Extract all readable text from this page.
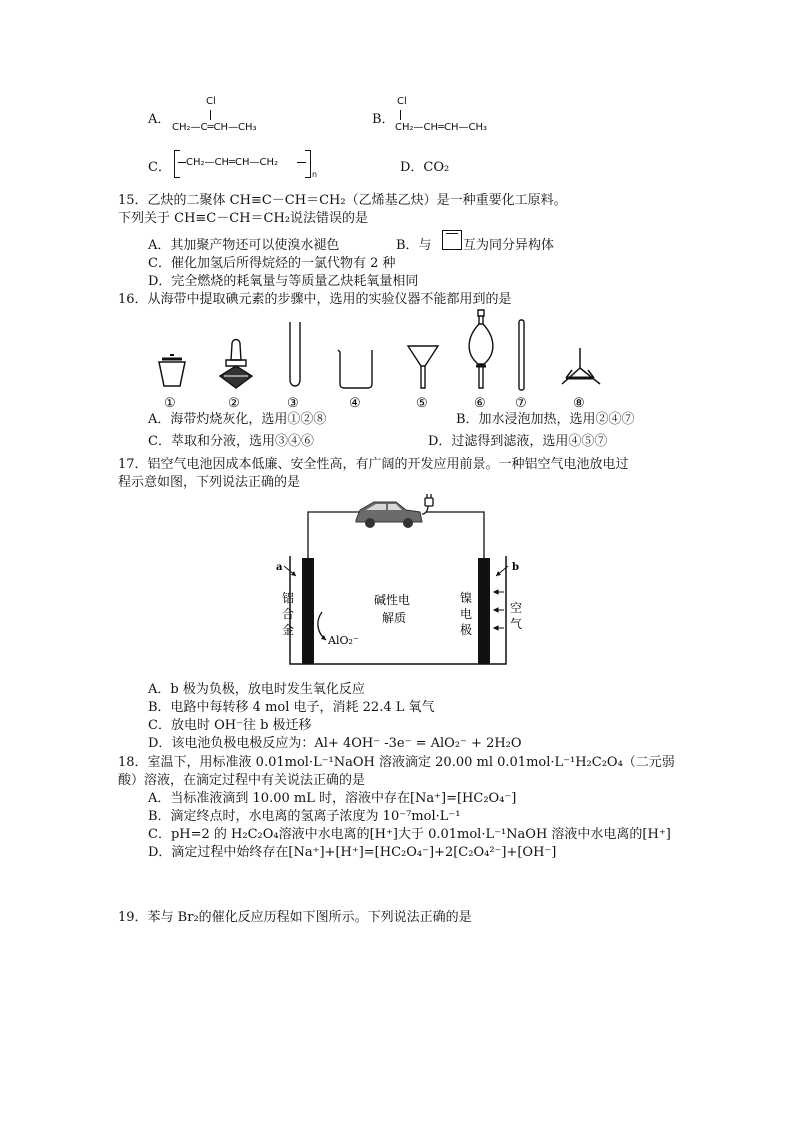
A．
Cl
CH₂—C═CH—CH₃
B．
Cl
CH₂—CH═CH—CH₃
C． CH₂—CH═CH—CH₂
n	D．CO₂
15．乙炔的二聚体 CH≡C－CH＝CH₂（乙烯基乙炔）是一种重要化工原料。
下列关于 CH≡C－CH＝CH₂说法错误的是
A．其加聚产物还可以使溴水褪色	B．与 互为同分异构体
C．催化加氢后所得烷烃的一氯代物有 2 种
D．完全燃烧的耗氧量与等质量乙炔耗氧量相同
16．从海带中提取碘元素的步骤中，选用的实验仪器不能都用到的是
①	②	③	④	⑤	⑥ ⑦	⑧
A．海带灼烧灰化，选用①②⑧	B．加水浸泡加热，选用②④⑦
C．萃取和分液，选用③④⑥	D．过滤得到滤液，选用④⑤⑦
17．铝空气电池因成本低廉、安全性高，有广阔的开发应用前景。一种铝空气电池放电过
程示意如图，下列说法正确的是
a	b
铝
合
金
镍
电
极
空
气
碱性电
解质
AlO₂⁻
A．b 极为负极，放电时发生氧化反应
B．电路中每转移 4 mol 电子，消耗 22.4 L 氧气
C．放电时 OH⁻往 b 极迁移
D．该电池负极电极反应为：Al+ 4OH⁻ -3e⁻ = AlO₂⁻ + 2H₂O
18．室温下，用标准液 0.01mol·L⁻¹NaOH 溶液滴定 20.00 ml 0.01mol·L⁻¹H₂C₂O₄（二元弱
酸）溶液，在滴定过程中有关说法正确的是
A．当标准液滴到 10.00 mL 时，溶液中存在[Na⁺]=[HC₂O₄⁻]
B．滴定终点时，水电离的氢离子浓度为 10⁻⁷mol·L⁻¹
C．pH=2 的 H₂C₂O₄溶液中水电离的[H⁺]大于 0.01mol·L⁻¹NaOH 溶液中水电离的[H⁺]
D．滴定过程中始终存在[Na⁺]+[H⁺]=[HC₂O₄⁻]+2[C₂O₄²⁻]+[OH⁻]
19．苯与 Br₂的催化反应历程如下图所示。下列说法正确的是
